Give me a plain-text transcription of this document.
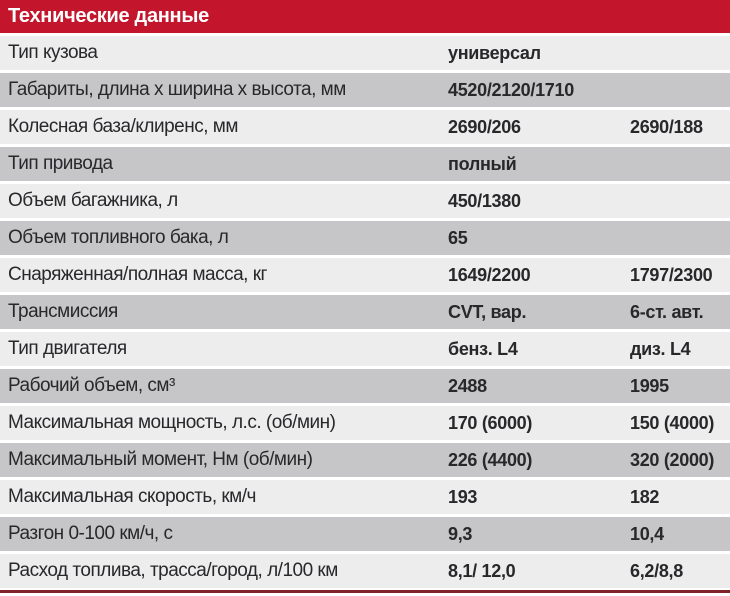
Технические данные
Тип кузова	универсал
Габариты, длина х ширина х высота, мм	4520/2120/1710
Колесная база/клиренс, мм	2690/206	2690/188
Тип привода	полный
Объем багажника, л	450/1380
Объем топливного бака, л	65
Снаряженная/полная масса, кг	1649/2200	1797/2300
Трансмиссия	CVT, вар.	6-ст. авт.
Тип двигателя	бенз. L4	диз. L4
Рабочий объем, см³	2488	1995
Максимальная мощность, л.с. (об/мин)	170 (6000)	150 (4000)
Максимальный момент, Нм (об/мин)	226 (4400)	320 (2000)
Максимальная скорость, км/ч	193	182
Разгон 0-100 км/ч, с	9,3	10,4
Расход топлива, трасса/город, л/100 км	8,1/ 12,0	6,2/8,8
